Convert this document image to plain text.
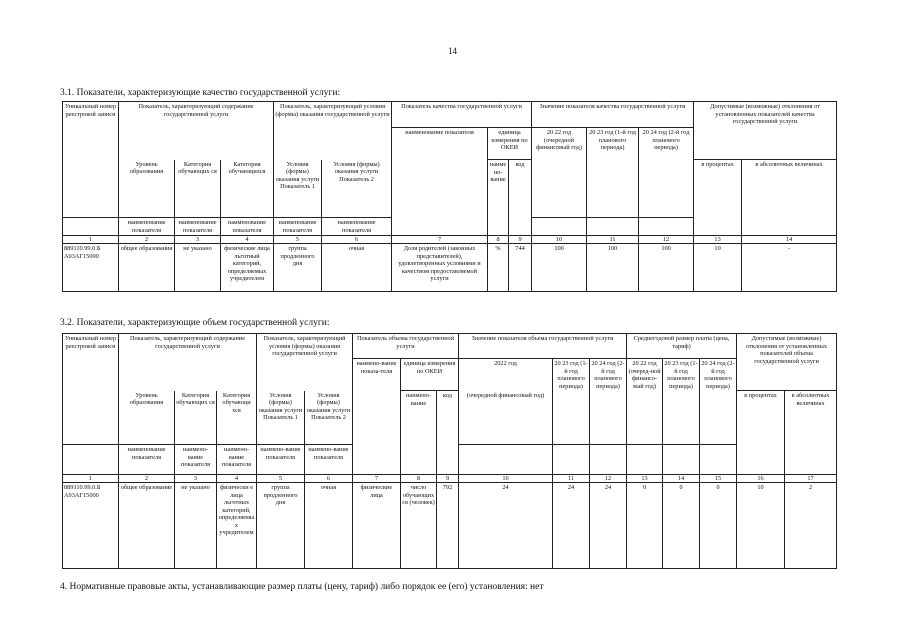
14
3.1. Показатели, характеризующие качество государственной услуги:
Уникальный номер реестровой записи	Показатель, характеризующий содержание государственной услуги			Показатель, характеризующий условия (формы) оказания государственной услуги		Показатель качества государственной услуги			Значение показателя качества государственной услуги			Допустимые (возможные) отклонения от установленных показателей качества государственной услуги	
						наименование показателя	единица измерения по ОКЕИ		20 22 год (очередной финансовый год)	20 23 год (1-й год планового периода)	20 24 год (2-й год планового периода)		
	Уровень образования	Категория обучающих ся	Категория обучающихся	Условия (формы) оказания услуги Показатель 1	Условия (формы) оказания услуги Показатель 2		наимено-вание	код				в процентах	в абсолютных величинах
	наименование показателя	наименование показателя	наименование показателя	наименование показателя	наименование показателя								
1	2	3	4	5	6	7	8	9	10	11	12	13	14
889110.99.0.Б А93АГ15000	общее образования	не указано	физические лица льготный категорий, определяемых учредителем	группа продленного дня	очная	Доля родителей (законных представителей), удовлетворенных условиями и качеством предоставляемой услуги	%	744	100	100	100	10	-
3.2. Показатели, характеризующие объем государственной услуги:
Уникальный номер реестровой записи	Показатель, характеризующий содержание государственной услуги			Показатель, характеризующий условия (формы) оказания государственной услуги		Показатель объема государственной услуги			Значение показателя объема государственной услуги			Среднегодовой размер платы (цена, тариф)			Допустимые (возможные) отклонения от установленных показателей объема государственной услуги		
						наимено-вание показа-теля	единица измерения по ОКЕИ		2022 год	20 23 год (1-й год планового периода)	20 24 год (2-й год планового периода)	20 22 год (очеред-ной финансо-вый год)	20 23 год (1-й год планового периода)	20 24 год (2-й год планового периода)			
	Уровень образования	Категория обучающих ся	Категория обучающи хся	Условия (формы) оказания услуги Показатель 1	Условия (формы) оказания услуги Показатель 2		наимено-вание	код	(очередной финансовый год)						в процентах	в абсолютных величинах	
	наименование показателя	наимено-вание показателя	наимено-вание показателя	наимено-вание показателя	наимено-вание показателя												
1	2	3	4	5	6	7	8	9	10	11	12	13	14	15	16	17	
889110.99.0.Б А93АГ15000	общее образование	не указано	физически е лица льготных категорий, определяемых учредителем	группа продленного дня	очная	физические лица	число обучающихся (человек)	792	24	24	24	0	0	0	10	2	
4. Нормативные правовые акты, устанавливающие размер платы (цену, тариф) либо порядок ее (его) установления: нет
